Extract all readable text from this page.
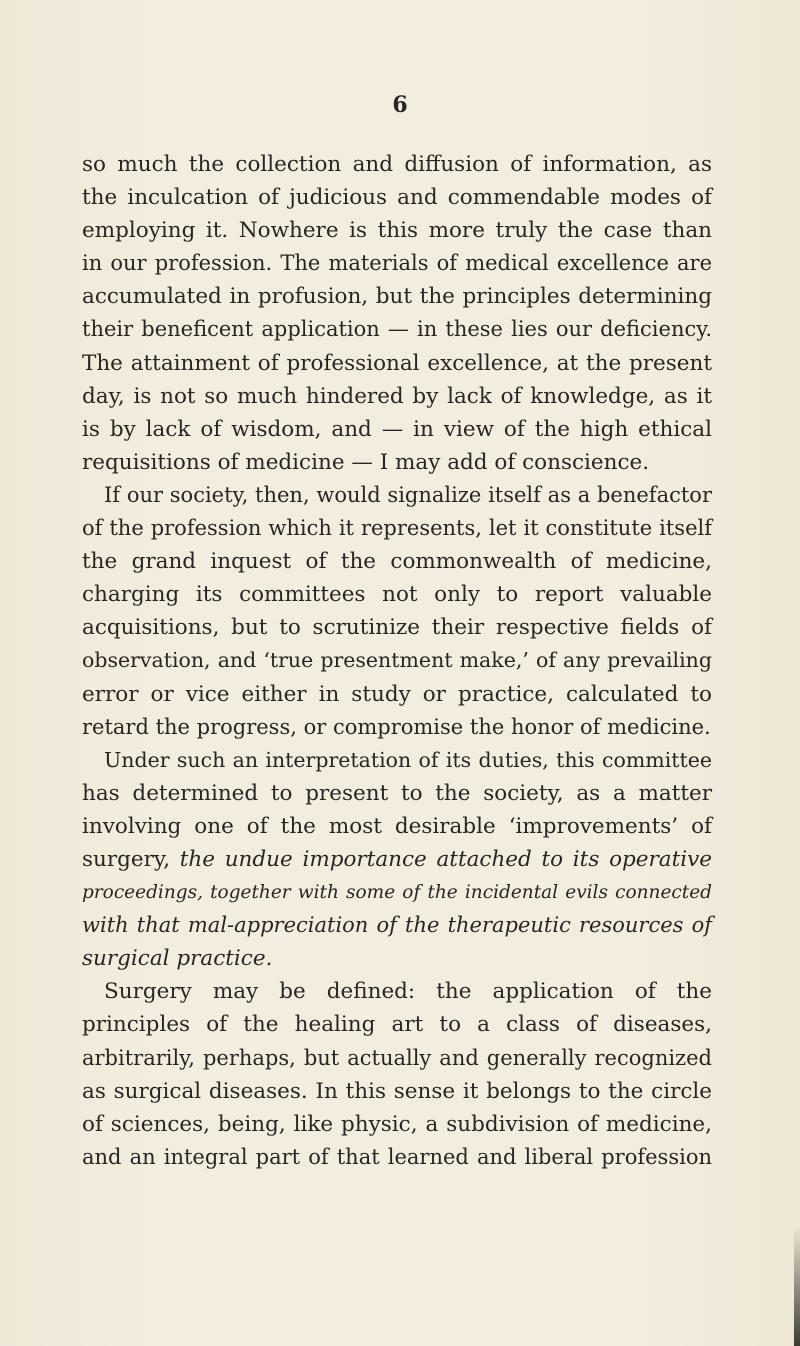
6
so much the collection and diffusion of information, as
the inculcation of judicious and commendable modes of
employing it. Nowhere is this more truly the case than
in our profession. The materials of medical excellence are
accumulated in profusion, but the principles determining
their beneficent application — in these lies our deficiency.
The attainment of professional excellence, at the present
day, is not so much hindered by lack of knowledge, as it
is by lack of wisdom, and — in view of the high ethical
requisitions of medicine — I may add of conscience.
If our society, then, would signalize itself as a benefactor
of the profession which it represents, let it constitute itself
the grand inquest of the commonwealth of medicine,
charging its committees not only to report valuable
acquisitions, but to scrutinize their respective fields of
observation, and ‘true presentment make,’ of any prevailing
error or vice either in study or practice, calculated to
retard the progress, or compromise the honor of medicine.
Under such an interpretation of its duties, this committee
has determined to present to the society, as a matter
involving one of the most desirable ‘improvements’ of
surgery, the undue importance attached to its operative
proceedings, together with some of the incidental evils connected
with that mal-appreciation of the therapeutic resources of
surgical practice.
Surgery may be defined: the application of the
principles of the healing art to a class of diseases,
arbitrarily, perhaps, but actually and generally recognized
as surgical diseases. In this sense it belongs to the circle
of sciences, being, like physic, a subdivision of medicine,
and an integral part of that learned and liberal profession
